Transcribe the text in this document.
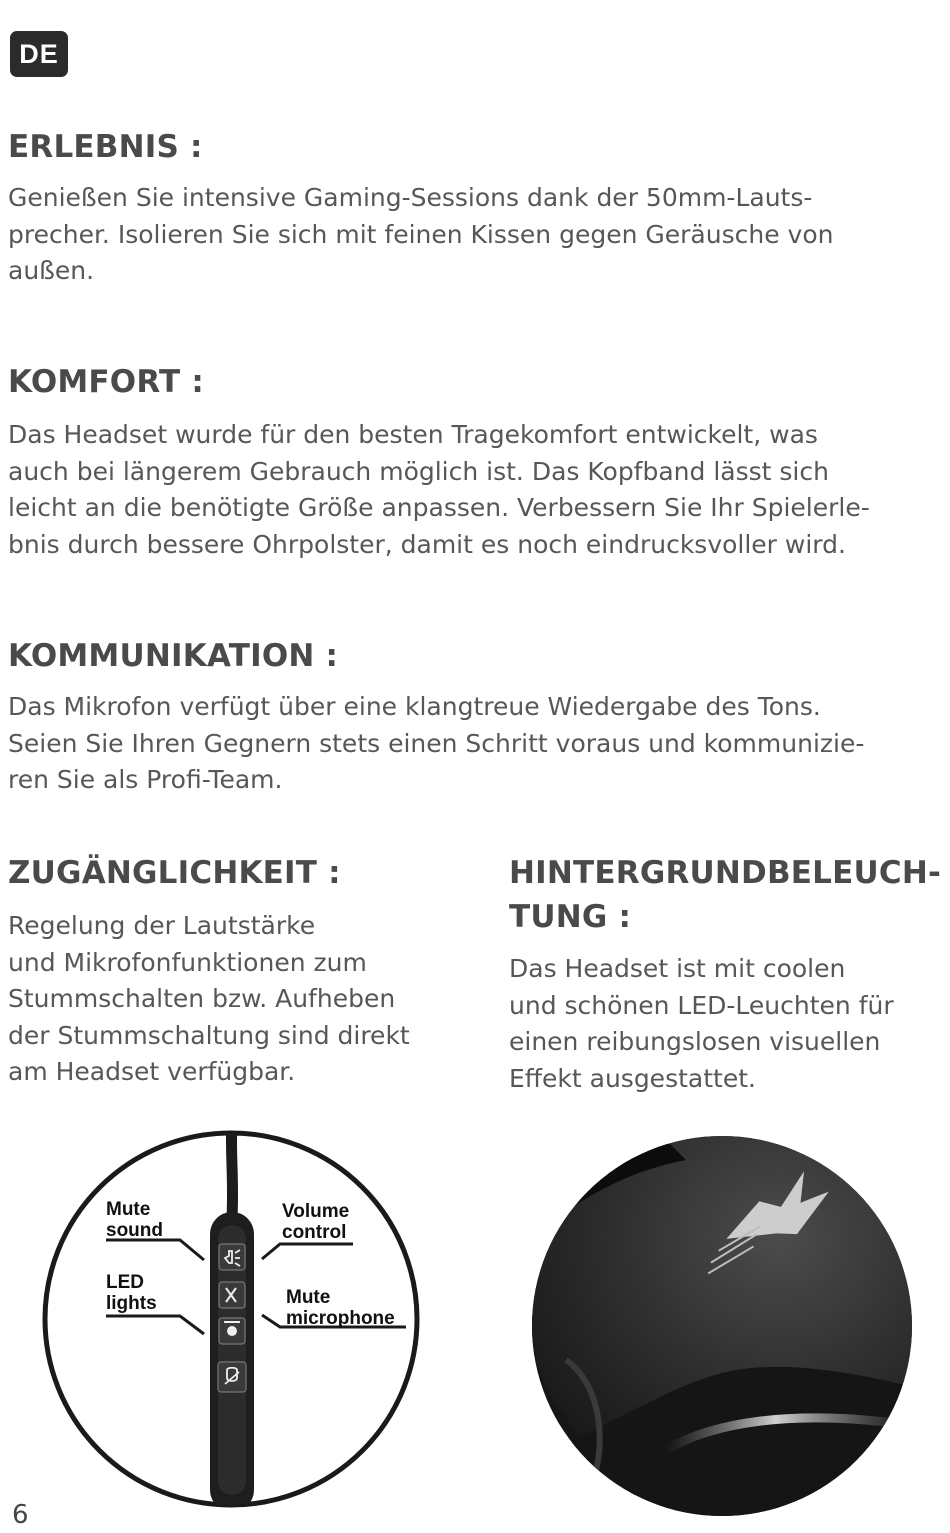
DE
ERLEBNIS :

Genießen Sie intensive Gaming-Sessions dank der 50mm-Lauts-
precher. Isolieren Sie sich mit feinen Kissen gegen Geräusche von
außen.

KOMFORT :

Das Headset wurde für den besten Tragekomfort entwickelt, was
auch bei längerem Gebrauch möglich ist. Das Kopfband lässt sich
leicht an die benötigte Größe anpassen. Verbessern Sie Ihr Spielerle-
bnis durch bessere Ohrpolster, damit es noch eindrucksvoller wird.

KOMMUNIKATION :

Das Mikrofon verfügt über eine klangtreue Wiedergabe des Tons.
Seien Sie Ihren Gegnern stets einen Schritt voraus und kommunizie-
ren Sie als Profi-Team.

ZUGÄNGLICHKEIT :

Regelung der Lautstärke
und Mikrofonfunktionen zum
Stummschalten bzw. Aufheben
der Stummschaltung sind direkt
am Headset verfügbar.

HINTERGRUNDBELEUCH-
TUNG :

Das Headset ist mit coolen
und schönen LED-Leuchten für
einen reibungslosen visuellen
Effekt ausgestattet.

Mute
sound
Volume
control
LED
lights	Mute
microphone
6
